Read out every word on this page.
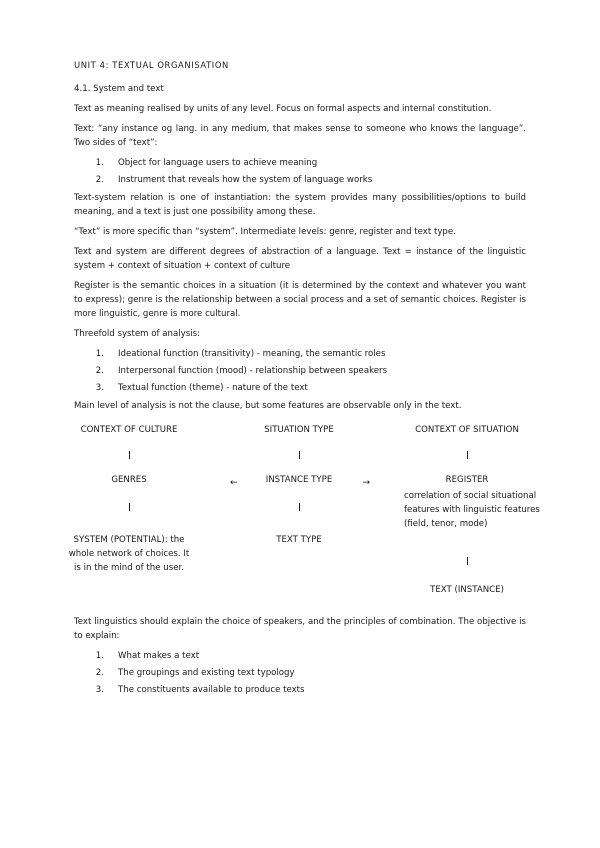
UNIT 4: TEXTUAL ORGANISATION
4.1. System and text

Text as meaning realised by units of any level. Focus on formal aspects and internal constitution.

Text: “any instance og lang. in any medium, that makes sense to someone who knows the language”. Two sides of “text”:

1.	Object for language users to achieve meaning
2.	Instrument that reveals how the system of language works

Text-system relation is one of instantiation: the system provides many possibilities/options to build meaning, and a text is just one possibility among these.

“Text” is more specific than “system”. Intermediate levels: genre, register and text type.

Text and system are different degrees of abstraction of a language. Text = instance of the linguistic system + context of situation + context of culture

Register is the semantic choices in a situation (it is determined by the context and whatever you want to express); genre is the relationship between a social process and a set of semantic choices. Register is more linguistic, genre is more cultural.

Threefold system of analysis:

1.	Ideational function (transitivity) - meaning, the semantic roles
2.	Interpersonal function (mood) - relationship between speakers
3.	Textual function (theme) - nature of the text

Main level of analysis is not the clause, but some features are observable only in the text.

CONTEXT OF CULTURE
GENRES
SYSTEM (POTENTIAL): the whole network of choices. It is in the mind of the user.
SITUATION TYPE
←	INSTANCE TYPE	→
TEXT TYPE
CONTEXT OF SITUATION
REGISTER
correlation of social situational features with linguistic features (field, tenor, mode)
TEXT (INSTANCE)

Text linguistics should explain the choice of speakers, and the principles of combination. The objective is to explain:

1.	What makes a text
2.	The groupings and existing text typology
3.	The constituents available to produce texts
